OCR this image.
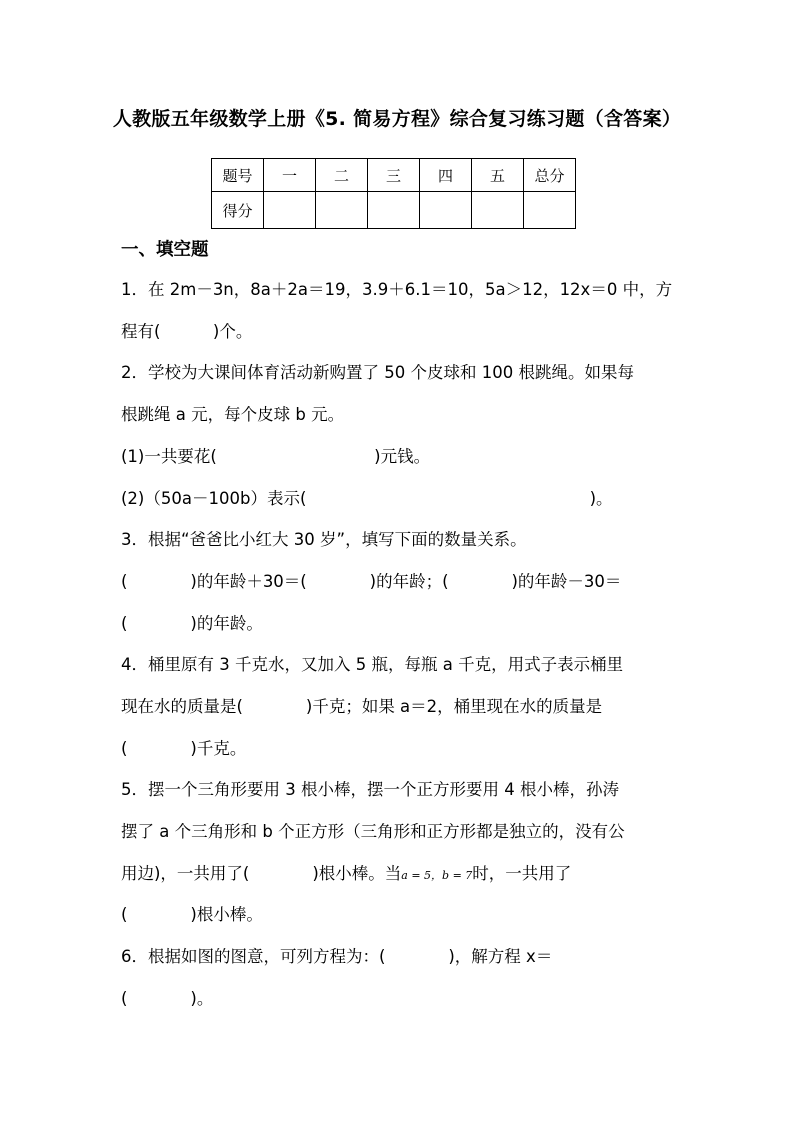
人教版五年级数学上册《5. 简易方程》综合复习练习题（含答案）
题号	一	二	三	四	五	总分
得分						
一、填空题
1．在 2m－3n，8a＋2a＝19，3.9＋6.1＝10，5a＞12，12x＝0 中，方
程有(          )个。
2．学校为大课间体育活动新购置了 50 个皮球和 100 根跳绳。如果每
根跳绳 a 元，每个皮球 b 元。
(1)一共要花(                              )元钱。
(2)（50a－100b）表示(                                                      )。
3．根据“爸爸比小红大 30 岁”，填写下面的数量关系。
(            )的年龄＋30＝(            )的年龄；(            )的年龄－30＝
(            )的年龄。
4．桶里原有 3 千克水，又加入 5 瓶，每瓶 a 千克，用式子表示桶里
现在水的质量是(            )千克；如果 a＝2，桶里现在水的质量是
(            )千克。
5．摆一个三角形要用 3 根小棒，摆一个正方形要用 4 根小棒，孙涛
摆了 a 个三角形和 b 个正方形（三角形和正方形都是独立的，没有公
用边)，一共用了(            )根小棒。当a = 5，b = 7时，一共用了
(            )根小棒。
6．根据如图的图意，可列方程为：(            )，解方程 x＝
(            )。
